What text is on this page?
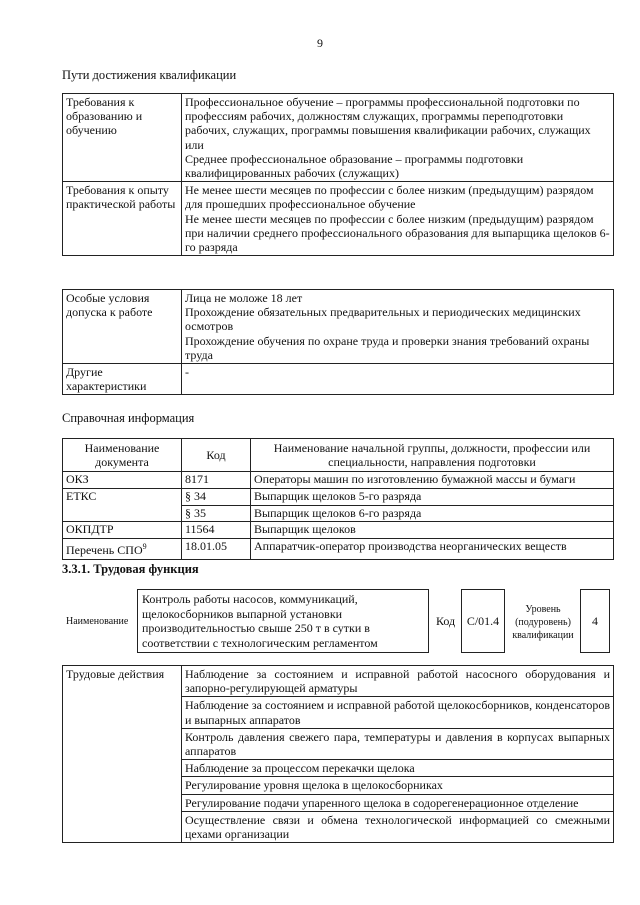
9
Пути достижения квалификации
Требования к образованию и обучению	Профессиональное обучение – программы профессиональной подготовки по профессиям рабочих, должностям служащих, программы переподготовки рабочих, служащих, программы повышения квалификации рабочих, служащих
или
Среднее профессиональное образование – программы подготовки квалифицированных рабочих (служащих)

Требования к опыту практической работы	Не менее шести месяцев по профессии с более низким (предыдущим) разрядом для прошедших профессиональное обучение
Не менее шести месяцев по профессии с более низким (предыдущим) разрядом при наличии среднего профессионального образования для выпарщика щелоков 6-го разряда
Особые условия допуска к работе	Лица не моложе 18 лет
Прохождение обязательных предварительных и периодических медицинских осмотров
Прохождение обучения по охране труда и проверки знания требований охраны труда

Другие характеристики	-
Справочная информация
Наименование документа	Код	Наименование начальной группы, должности, профессии или специальности, направления подготовки
ОКЗ	8171	Операторы машин по изготовлению бумажной массы и бумаги
ЕТКС	§ 34	Выпарщик щелоков 5-го разряда
	§ 35	Выпарщик щелоков 6-го разряда
ОКПДТР	11564	Выпарщик щелоков
Перечень СПО$^9$	18.01.05	Аппаратчик-оператор производства неорганических веществ
3.3.1. Трудовая функция
Наименование
Контроль работы насосов, коммуникаций, щелокосборников выпарной установки производительностью свыше 250 т в сутки в соответствии с технологическим регламентом
Код C/01.4
Уровень (подуровень) квалификации
4
Трудовые действия	Наблюдение за состоянием и исправной работой насосного оборудования и запорно-регулирующей арматуры
Наблюдение за состоянием и исправной работой щелокосборников, конденсаторов и выпарных аппаратов
Контроль давления свежего пара, температуры и давления в корпусах выпарных аппаратов
Наблюдение за процессом перекачки щелока
Регулирование уровня щелока в щелокосборниках
Регулирование подачи упаренного щелока в содорегенерационное отделение
Осуществление связи и обмена технологической информацией со смежными цехами организации
